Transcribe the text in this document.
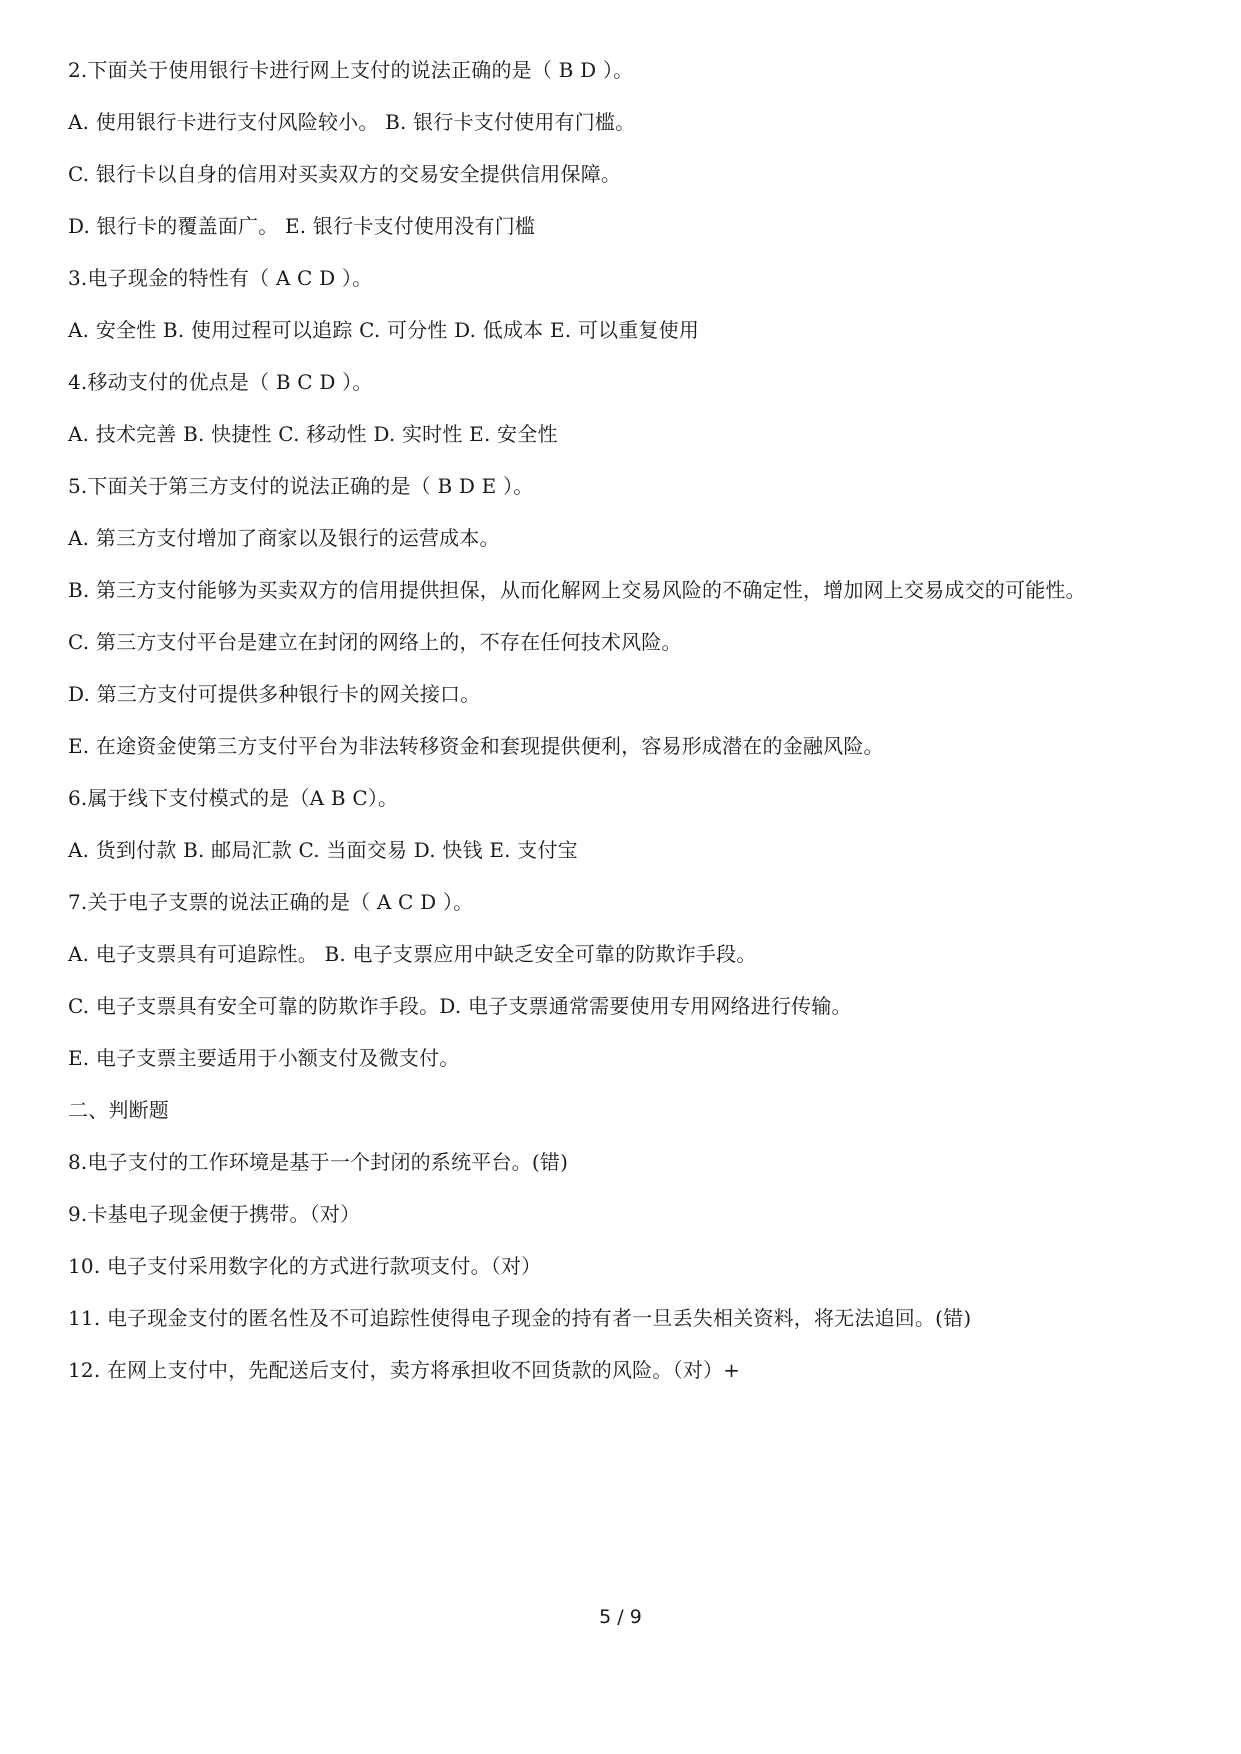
2.下面关于使用银行卡进行网上支付的说法正确的是（ B D ）。
A. 使用银行卡进行支付风险较小。 B. 银行卡支付使用有门槛。
C. 银行卡以自身的信用对买卖双方的交易安全提供信用保障。
D. 银行卡的覆盖面广。 E. 银行卡支付使用没有门槛
3.电子现金的特性有（ A C D ）。
A. 安全性 B. 使用过程可以追踪 C. 可分性 D. 低成本 E. 可以重复使用
4.移动支付的优点是（ B C D ）。
A. 技术完善 B. 快捷性 C. 移动性 D. 实时性 E. 安全性
5.下面关于第三方支付的说法正确的是（ B D E ）。
A. 第三方支付增加了商家以及银行的运营成本。
B. 第三方支付能够为买卖双方的信用提供担保，从而化解网上交易风险的不确定性，增加网上交易成交的可能性。
C. 第三方支付平台是建立在封闭的网络上的，不存在任何技术风险。
D. 第三方支付可提供多种银行卡的网关接口。
E. 在途资金使第三方支付平台为非法转移资金和套现提供便利，容易形成潜在的金融风险。
6.属于线下支付模式的是（A B C）。
A. 货到付款 B. 邮局汇款 C. 当面交易 D. 快钱 E. 支付宝
7.关于电子支票的说法正确的是（ A C D ）。
A. 电子支票具有可追踪性。 B. 电子支票应用中缺乏安全可靠的防欺诈手段。
C. 电子支票具有安全可靠的防欺诈手段。D. 电子支票通常需要使用专用网络进行传输。
E. 电子支票主要适用于小额支付及微支付。
二、判断题
8.电子支付的工作环境是基于一个封闭的系统平台。(错)
9.卡基电子现金便于携带。（对）
10. 电子支付采用数字化的方式进行款项支付。（对）
11. 电子现金支付的匿名性及不可追踪性使得电子现金的持有者一旦丢失相关资料，将无法追回。(错)
12. 在网上支付中，先配送后支付，卖方将承担收不回货款的风险。（对）+
5 / 9
